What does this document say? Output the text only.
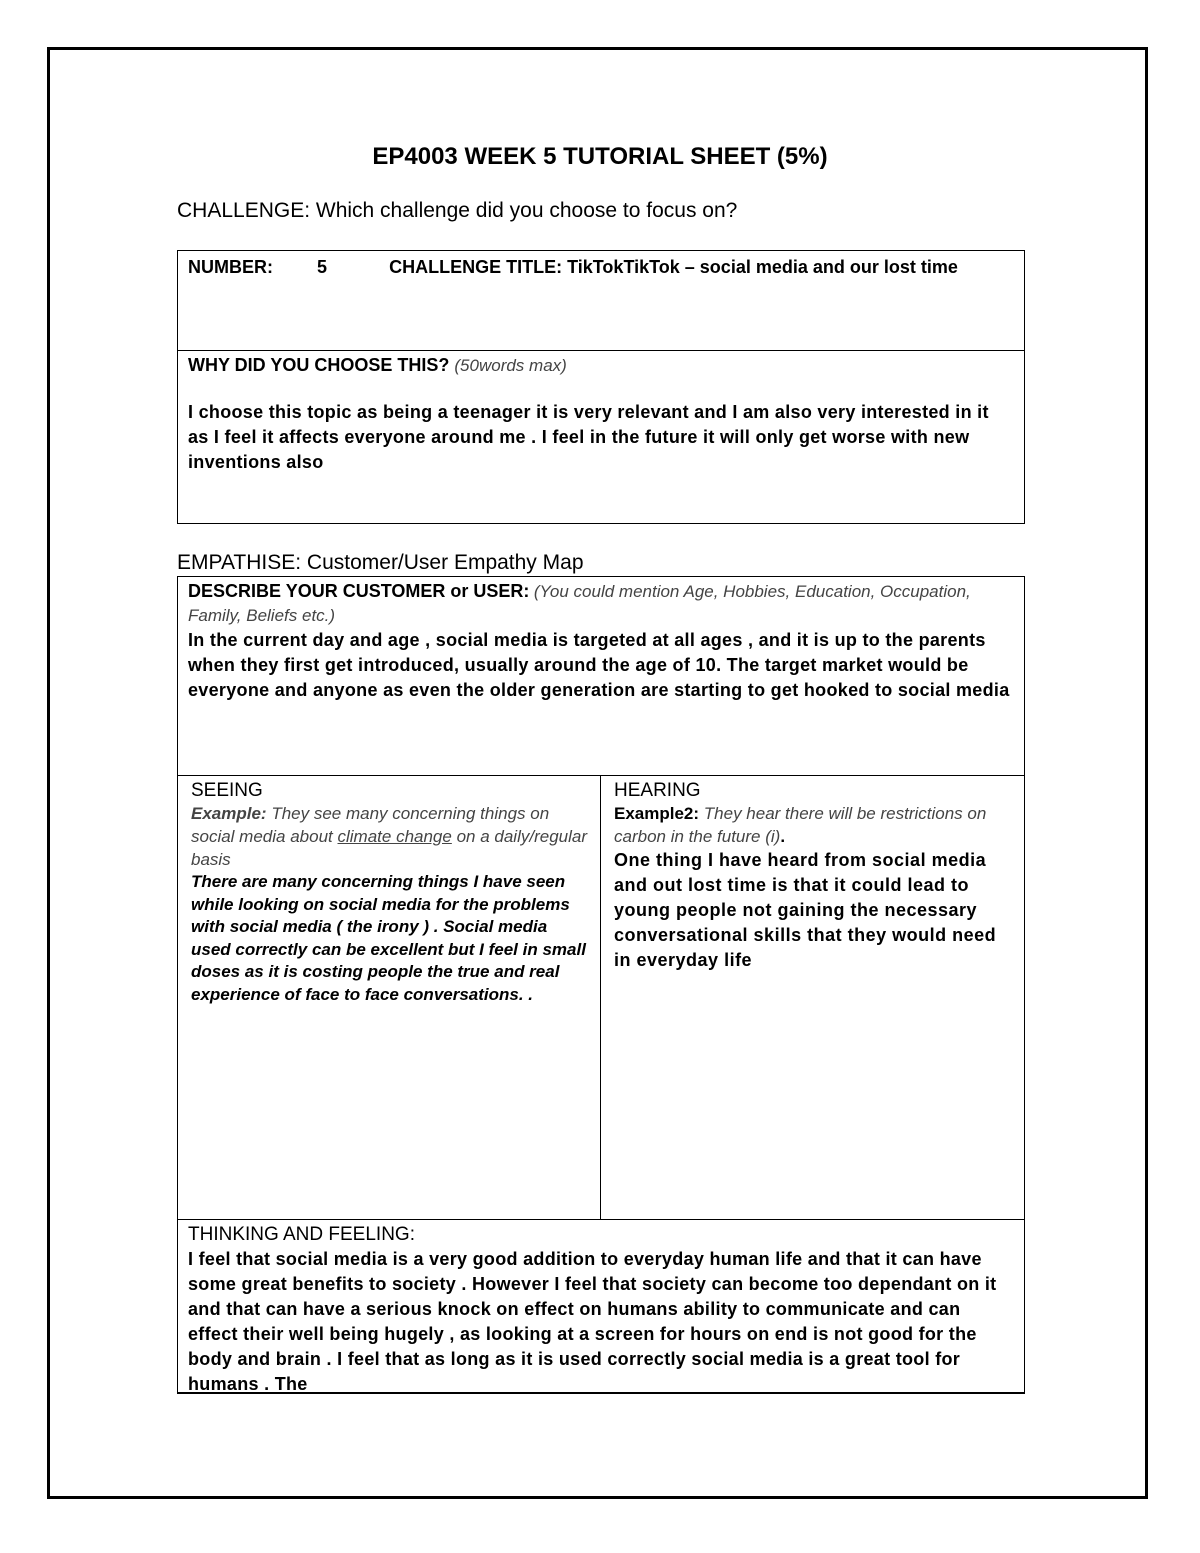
EP4003 WEEK 5 TUTORIAL SHEET (5%)
CHALLENGE: Which challenge did you choose to focus on?
NUMBER: 5	CHALLENGE TITLE: TikTokTikTok – social media and our lost time
WHY DID YOU CHOOSE THIS? (50words max)
I choose this topic as being a teenager it is very relevant and I am also very interested in it as I feel it affects everyone around me . I feel in the future it will only get worse with new inventions also
EMPATHISE: Customer/User Empathy Map
DESCRIBE YOUR CUSTOMER or USER: (You could mention Age, Hobbies, Education, Occupation, Family, Beliefs etc.)
In the current day and age , social media is targeted at all ages , and it is up to the parents when they first get introduced, usually around the age of 10. The target market would be everyone and anyone as even the older generation are starting to get hooked to social media
SEEING
Example: They see many concerning things on social media about climate change on a daily/regular basis
There are many concerning things I have seen while looking on social media for the problems with social media ( the irony ) . Social media used correctly can be excellent but I feel in small doses as it is costing people the true and real experience of face to face conversations. .
HEARING
Example2: They hear there will be restrictions on carbon in the future (i).
One thing I have heard from social media and out lost time is that it could lead to young people not gaining the necessary conversational skills that they would need in everyday life
THINKING AND FEELING:
I feel that social media is a very good addition to everyday human life and that it can have some great benefits to society . However I feel that society can become too dependant on it and that can have a serious knock on effect on humans ability to communicate and can effect their well being hugely , as looking at a screen for hours on end is not good for the body and brain . I feel that as long as it is used correctly social media is a great tool for humans . The
